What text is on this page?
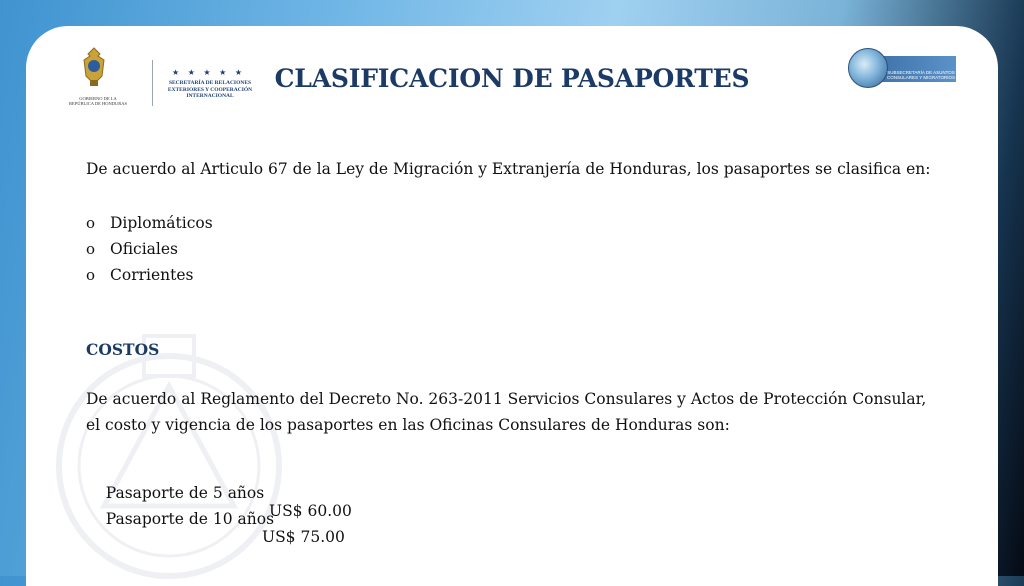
GOBIERNO DE LA REPÚBLICA DE HONDURAS
★ ★ ★ ★ ★
SECRETARÍA DE RELACIONES EXTERIORES Y COOPERACIÓN INTERNACIONAL
SUBSECRETARÍA DE ASUNTOS CONSULARES Y MIGRATORIOS
CLASIFICACION DE PASAPORTES
De acuerdo al Articulo 67 de la Ley de Migración y Extranjería de Honduras, los pasaportes se clasifica en:
o Diplomáticos
o Oficiales
o Corrientes
COSTOS
De acuerdo al Reglamento del Decreto No. 263-2011 Servicios Consulares y Actos de Protección Consular,
el costo y vigencia de los pasaportes en las Oficinas Consulares de Honduras son:

Pasaporte de 5 años

US$ 60.00

Pasaporte de 10 años

US$ 75.00
